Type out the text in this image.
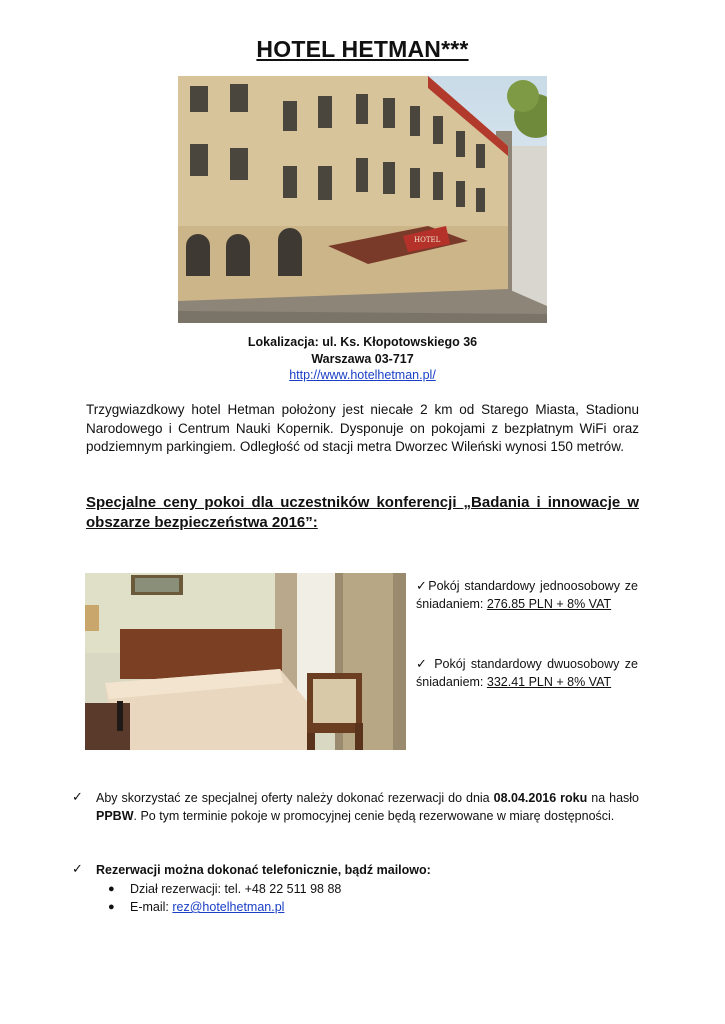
HOTEL HETMAN***
HOTEL
Lokalizacja: ul. Ks. Kłopotowskiego 36
Warszawa 03-717
http://www.hotelhetman.pl/
Trzygwiazdkowy hotel Hetman położony jest niecałe 2 km od Starego Miasta, Stadionu Narodowego i Centrum Nauki Kopernik. Dysponuje on pokojami z bezpłatnym WiFi oraz podziemnym parkingiem. Odległość od stacji metra Dworzec Wileński wynosi 150 metrów.
Specjalne ceny pokoi dla uczestników konferencji „Badania i innowacje w obszarze bezpieczeństwa 2016”:
✓Pokój standardowy jednoosobowy ze śniadaniem: 276.85 PLN + 8% VAT
✓ Pokój standardowy dwuosobowy ze śniadaniem: 332.41 PLN + 8% VAT
✓ Aby skorzystać ze specjalnej oferty należy dokonać rezerwacji do dnia 08.04.2016 roku na hasło PPBW. Po tym terminie pokoje w promocyjnej cenie będą rezerwowane w miarę dostępności.
✓ Rezerwacji można dokonać telefonicznie, bądź mailowo:
● Dział rezerwacji: tel. +48 22 511 98 88
● E-mail: rez@hotelhetman.pl
